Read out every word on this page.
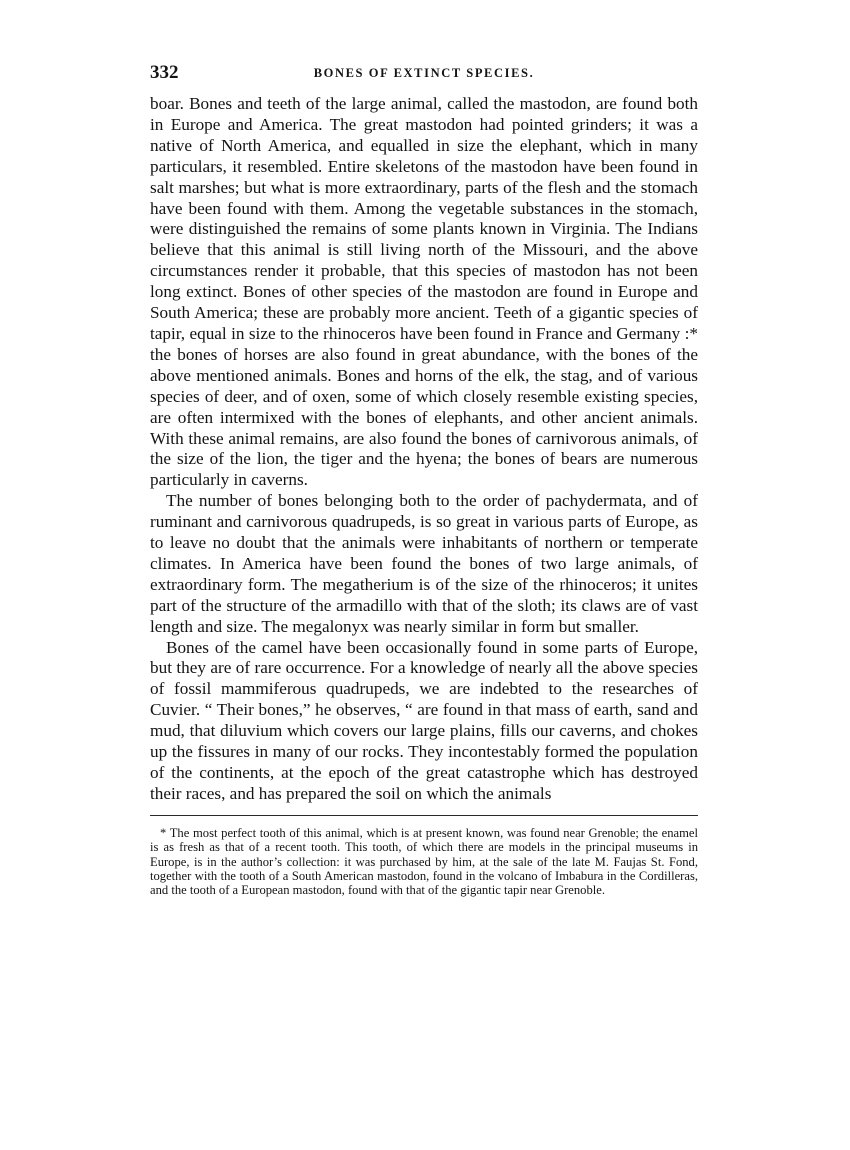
332	BONES OF EXTINCT SPECIES.

boar. Bones and teeth of the large animal, called the mastodon, are found both in Europe and America. The great mastodon had pointed grinders; it was a native of North America, and equalled in size the elephant, which in many particulars, it resembled. Entire skeletons of the mastodon have been found in salt marshes; but what is more extraordinary, parts of the flesh and the stomach have been found with them. Among the vegetable substances in the stomach, were distinguished the remains of some plants known in Virginia. The Indians believe that this animal is still living north of the Missouri, and the above circumstances render it probable, that this species of mastodon has not been long extinct. Bones of other species of the mastodon are found in Europe and South America; these are probably more ancient. Teeth of a gigantic species of tapir, equal in size to the rhinoceros have been found in France and Germany :* the bones of horses are also found in great abundance, with the bones of the above mentioned animals. Bones and horns of the elk, the stag, and of various species of deer, and of oxen, some of which closely resemble existing species, are often intermixed with the bones of elephants, and other ancient animals. With these animal remains, are also found the bones of carnivorous animals, of the size of the lion, the tiger and the hyena; the bones of bears are numerous particularly in caverns.

The number of bones belonging both to the order of pachydermata, and of ruminant and carnivorous quadrupeds, is so great in various parts of Europe, as to leave no doubt that the animals were inhabitants of northern or temperate climates. In America have been found the bones of two large animals, of extraordinary form. The megatherium is of the size of the rhinoceros; it unites part of the structure of the armadillo with that of the sloth; its claws are of vast length and size. The megalonyx was nearly similar in form but smaller.

Bones of the camel have been occasionally found in some parts of Europe, but they are of rare occurrence. For a knowledge of nearly all the above species of fossil mammiferous quadrupeds, we are indebted to the researches of Cuvier. “ Their bones,” he observes, “ are found in that mass of earth, sand and mud, that diluvium which covers our large plains, fills our caverns, and chokes up the fissures in many of our rocks. They incontestably formed the population of the continents, at the epoch of the great catastrophe which has destroyed their races, and has prepared the soil on which the animals

* The most perfect tooth of this animal, which is at present known, was found near Grenoble; the enamel is as fresh as that of a recent tooth. This tooth, of which there are models in the principal museums in Europe, is in the author’s collection: it was purchased by him, at the sale of the late M. Faujas St. Fond, together with the tooth of a South American mastodon, found in the volcano of Imbabura in the Cordilleras, and the tooth of a European mastodon, found with that of the gigantic tapir near Grenoble.
